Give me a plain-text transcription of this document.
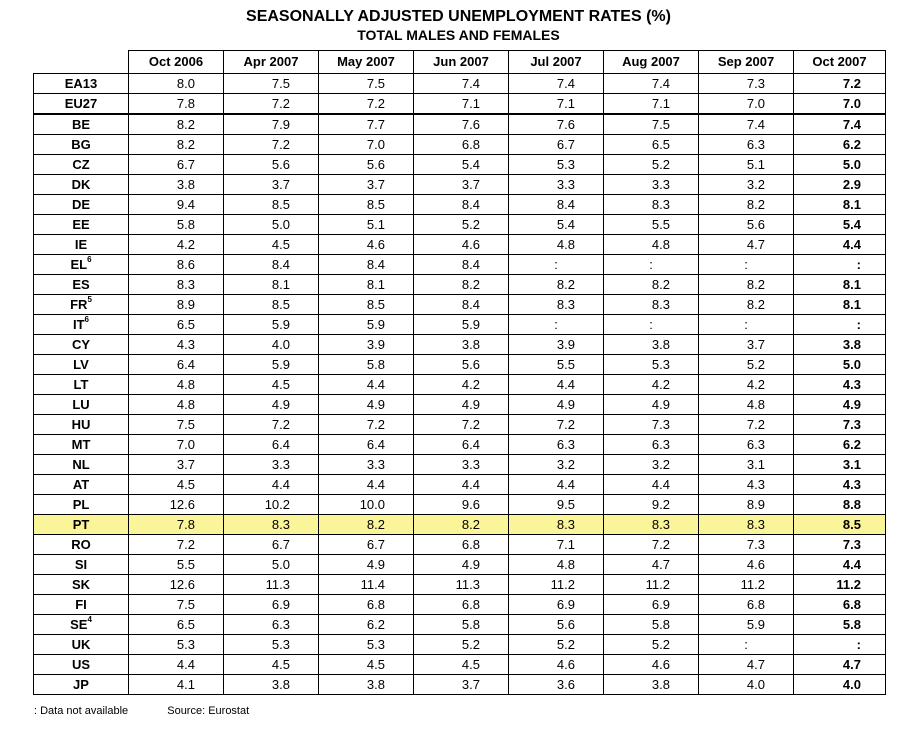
SEASONALLY ADJUSTED UNEMPLOYMENT RATES (%)
TOTAL MALES AND FEMALES
	Oct 2006	Apr 2007	May 2007	Jun 2007	Jul 2007	Aug 2007	Sep 2007	Oct 2007
EA13	8.0	7.5	7.5	7.4	7.4	7.4	7.3	7.2
EU27	7.8	7.2	7.2	7.1	7.1	7.1	7.0	7.0
BE	8.2	7.9	7.7	7.6	7.6	7.5	7.4	7.4
BG	8.2	7.2	7.0	6.8	6.7	6.5	6.3	6.2
CZ	6.7	5.6	5.6	5.4	5.3	5.2	5.1	5.0
DK	3.8	3.7	3.7	3.7	3.3	3.3	3.2	2.9
DE	9.4	8.5	8.5	8.4	8.4	8.3	8.2	8.1
EE	5.8	5.0	5.1	5.2	5.4	5.5	5.6	5.4
IE	4.2	4.5	4.6	4.6	4.8	4.8	4.7	4.4
$EL^6$	8.6	8.4	8.4	8.4	:	:	:	:
ES	8.3	8.1	8.1	8.2	8.2	8.2	8.2	8.1
$FR^5$	8.9	8.5	8.5	8.4	8.3	8.3	8.2	8.1
$IT^6$	6.5	5.9	5.9	5.9	:	:	:	:
CY	4.3	4.0	3.9	3.8	3.9	3.8	3.7	3.8
LV	6.4	5.9	5.8	5.6	5.5	5.3	5.2	5.0
LT	4.8	4.5	4.4	4.2	4.4	4.2	4.2	4.3
LU	4.8	4.9	4.9	4.9	4.9	4.9	4.8	4.9
HU	7.5	7.2	7.2	7.2	7.2	7.3	7.2	7.3
MT	7.0	6.4	6.4	6.4	6.3	6.3	6.3	6.2
NL	3.7	3.3	3.3	3.3	3.2	3.2	3.1	3.1
AT	4.5	4.4	4.4	4.4	4.4	4.4	4.3	4.3
PL	12.6	10.2	10.0	9.6	9.5	9.2	8.9	8.8
PT	7.8	8.3	8.2	8.2	8.3	8.3	8.3	8.5
RO	7.2	6.7	6.7	6.8	7.1	7.2	7.3	7.3
SI	5.5	5.0	4.9	4.9	4.8	4.7	4.6	4.4
SK	12.6	11.3	11.4	11.3	11.2	11.2	11.2	11.2
FI	7.5	6.9	6.8	6.8	6.9	6.9	6.8	6.8
$SE^4$	6.5	6.3	6.2	5.8	5.6	5.8	5.9	5.8
UK	5.3	5.3	5.3	5.2	5.2	5.2	:	:
US	4.4	4.5	4.5	4.5	4.6	4.6	4.7	4.7
JP	4.1	3.8	3.8	3.7	3.6	3.8	4.0	4.0
: Data not available	Source: Eurostat
